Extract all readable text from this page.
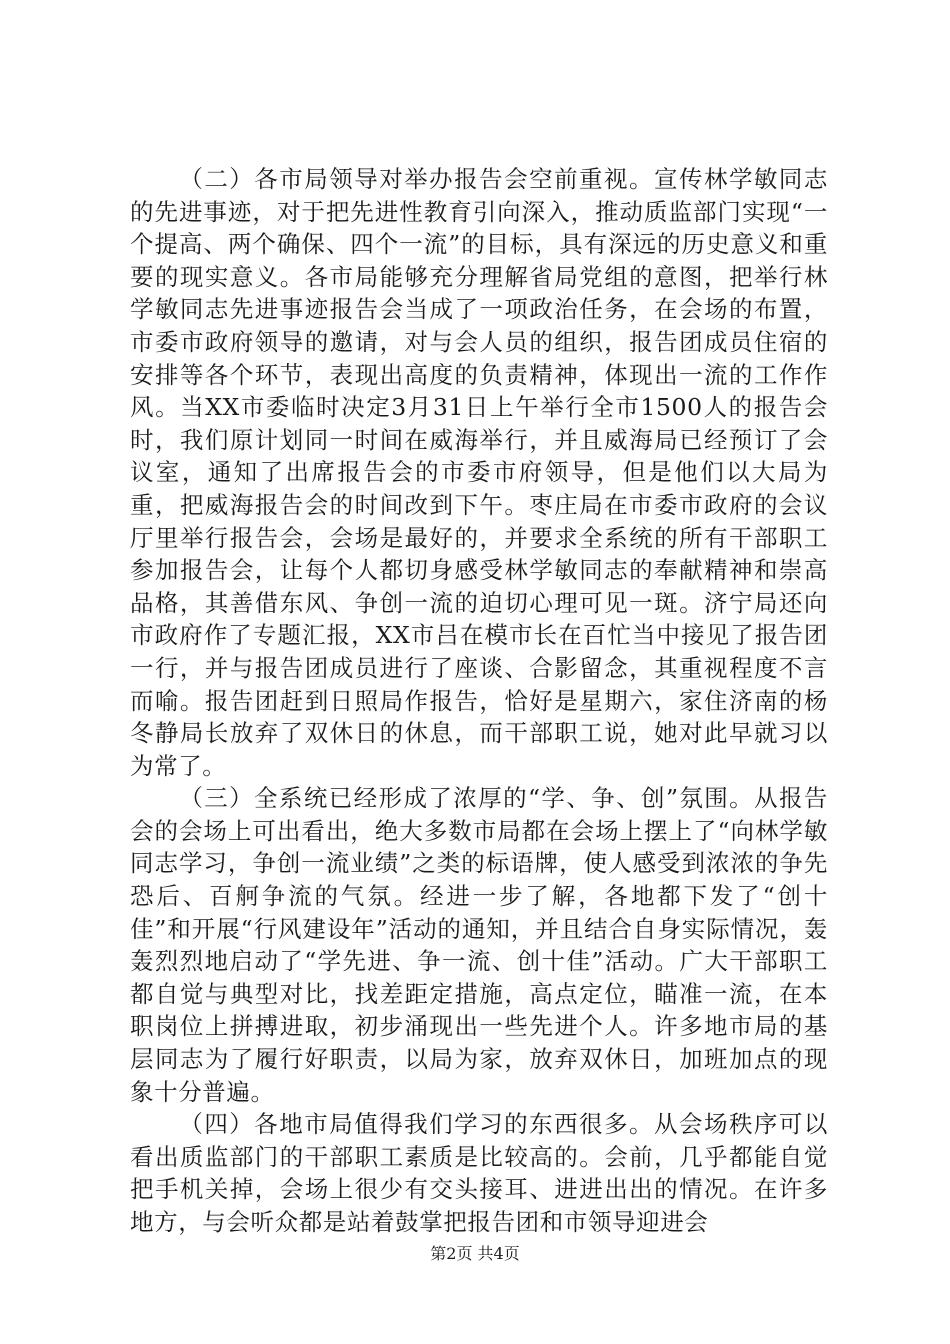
（二）各市局领导对举办报告会空前重视。宣传林学敏同志的先进事迹，对于把先进性教育引向深入，推动质监部门实现“一个提高、两个确保、四个一流”的目标，具有深远的历史意义和重要的现实意义。各市局能够充分理解省局党组的意图，把举行林学敏同志先进事迹报告会当成了一项政治任务，在会场的布置，市委市政府领导的邀请，对与会人员的组织，报告团成员住宿的安排等各个环节，表现出高度的负责精神，体现出一流的工作作风。当XX市委临时决定3月31日上午举行全市1500人的报告会时，我们原计划同一时间在威海举行，并且威海局已经预订了会议室，通知了出席报告会的市委市府领导，但是他们以大局为重，把威海报告会的时间改到下午。枣庄局在市委市政府的会议厅里举行报告会，会场是最好的，并要求全系统的所有干部职工参加报告会，让每个人都切身感受林学敏同志的奉献精神和崇高品格，其善借东风、争创一流的迫切心理可见一斑。济宁局还向市政府作了专题汇报，XX市吕在模市长在百忙当中接见了报告团一行，并与报告团成员进行了座谈、合影留念，其重视程度不言而喻。报告团赶到日照局作报告，恰好是星期六，家住济南的杨冬静局长放弃了双休日的休息，而干部职工说，她对此早就习以为常了。

（三）全系统已经形成了浓厚的“学、争、创”氛围。从报告会的会场上可出看出，绝大多数市局都在会场上摆上了“向林学敏同志学习，争创一流业绩”之类的标语牌，使人感受到浓浓的争先恐后、百舸争流的气氛。经进一步了解，各地都下发了“创十佳”和开展“行风建设年”活动的通知，并且结合自身实际情况，轰轰烈烈地启动了“学先进、争一流、创十佳”活动。广大干部职工都自觉与典型对比，找差距定措施，高点定位，瞄准一流，在本职岗位上拼搏进取，初步涌现出一些先进个人。许多地市局的基层同志为了履行好职责，以局为家，放弃双休日，加班加点的现象十分普遍。

（四）各地市局值得我们学习的东西很多。从会场秩序可以看出质监部门的干部职工素质是比较高的。会前，几乎都能自觉把手机关掉，会场上很少有交头接耳、进进出出的情况。在许多地方，与会听众都是站着鼓掌把报告团和市领导迎进会

第2页 共4页
